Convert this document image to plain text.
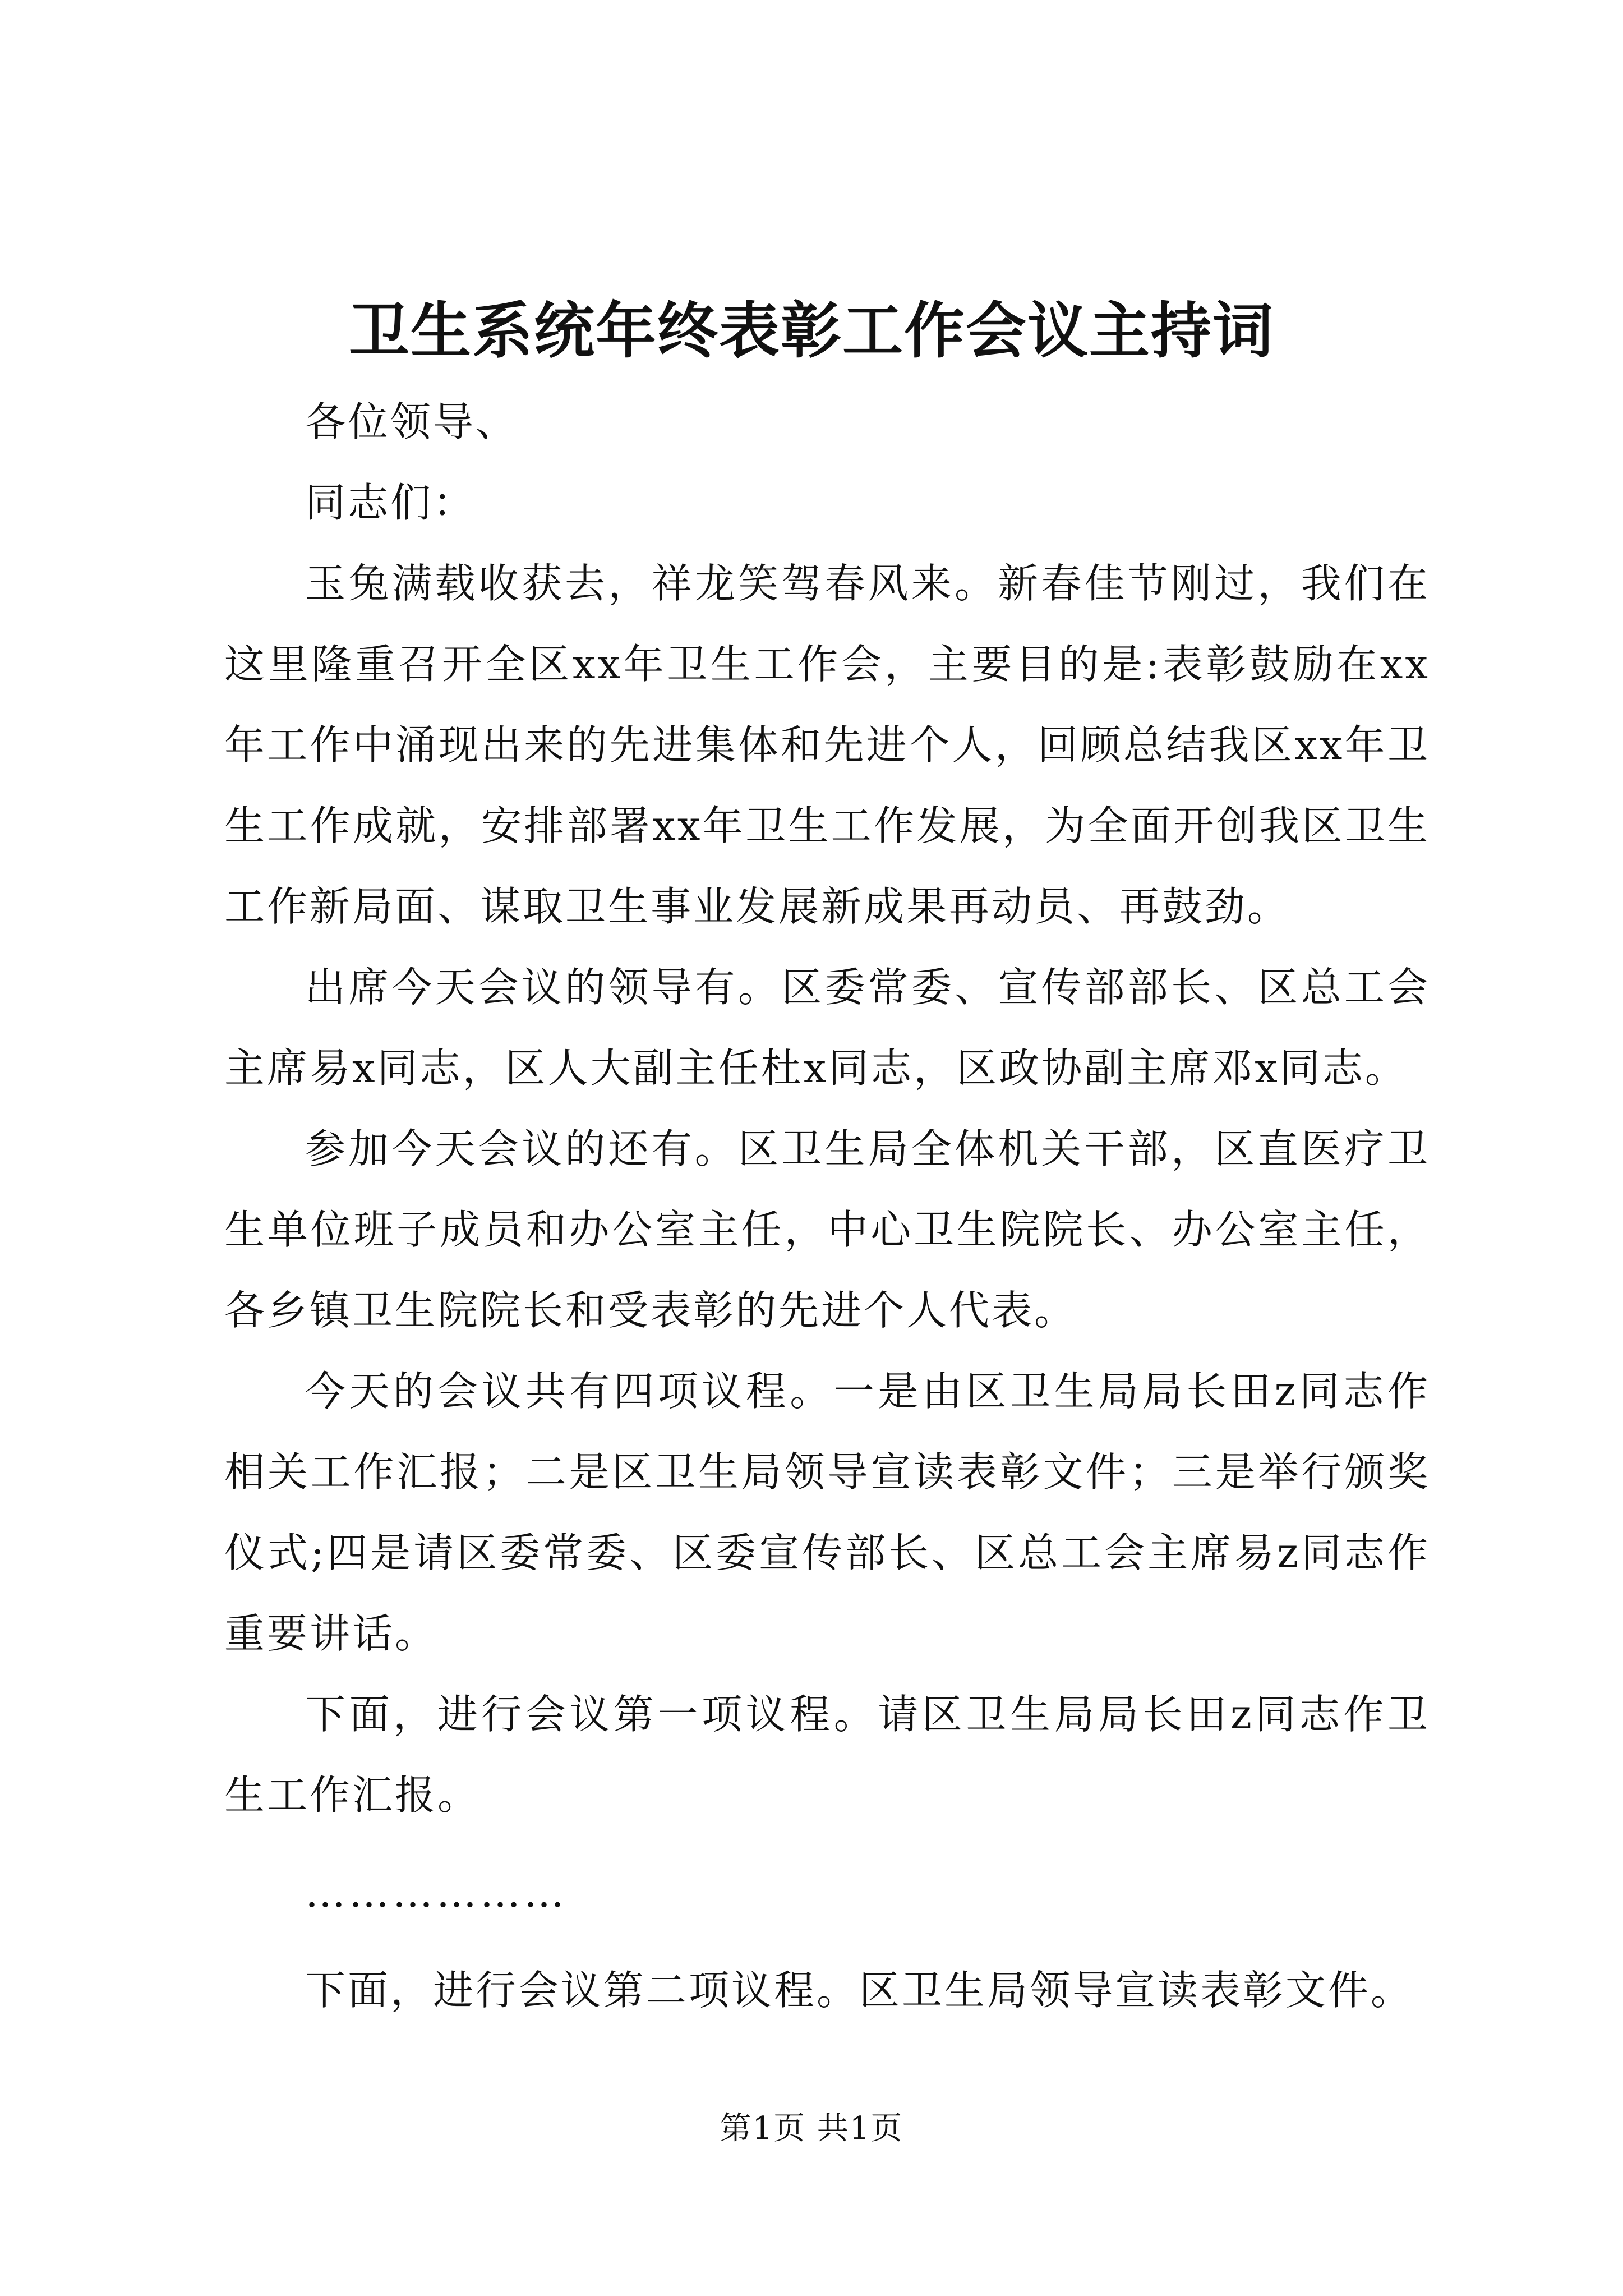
卫生系统年终表彰工作会议主持词

各位领导、

同志们：

玉兔满载收获去，祥龙笑驾春风来。新春佳节刚过，我们在这里隆重召开全区xx年卫生工作会，主要目的是:表彰鼓励在xx年工作中涌现出来的先进集体和先进个人，回顾总结我区xx年卫生工作成就，安排部署xx年卫生工作发展，为全面开创我区卫生工作新局面、谋取卫生事业发展新成果再动员、再鼓劲。

出席今天会议的领导有。区委常委、宣传部部长、区总工会主席易x同志，区人大副主任杜x同志，区政协副主席邓x同志。

参加今天会议的还有。区卫生局全体机关干部，区直医疗卫生单位班子成员和办公室主任，中心卫生院院长、办公室主任，各乡镇卫生院院长和受表彰的先进个人代表。

今天的会议共有四项议程。一是由区卫生局局长田z同志作相关工作汇报；二是区卫生局领导宣读表彰文件；三是举行颁奖仪式;四是请区委常委、区委宣传部长、区总工会主席易z同志作重要讲话。

下面，进行会议第一项议程。请区卫生局局长田z同志作卫生工作汇报。

………………

下面，进行会议第二项议程。区卫生局领导宣读表彰文件。

第1页 共1页
